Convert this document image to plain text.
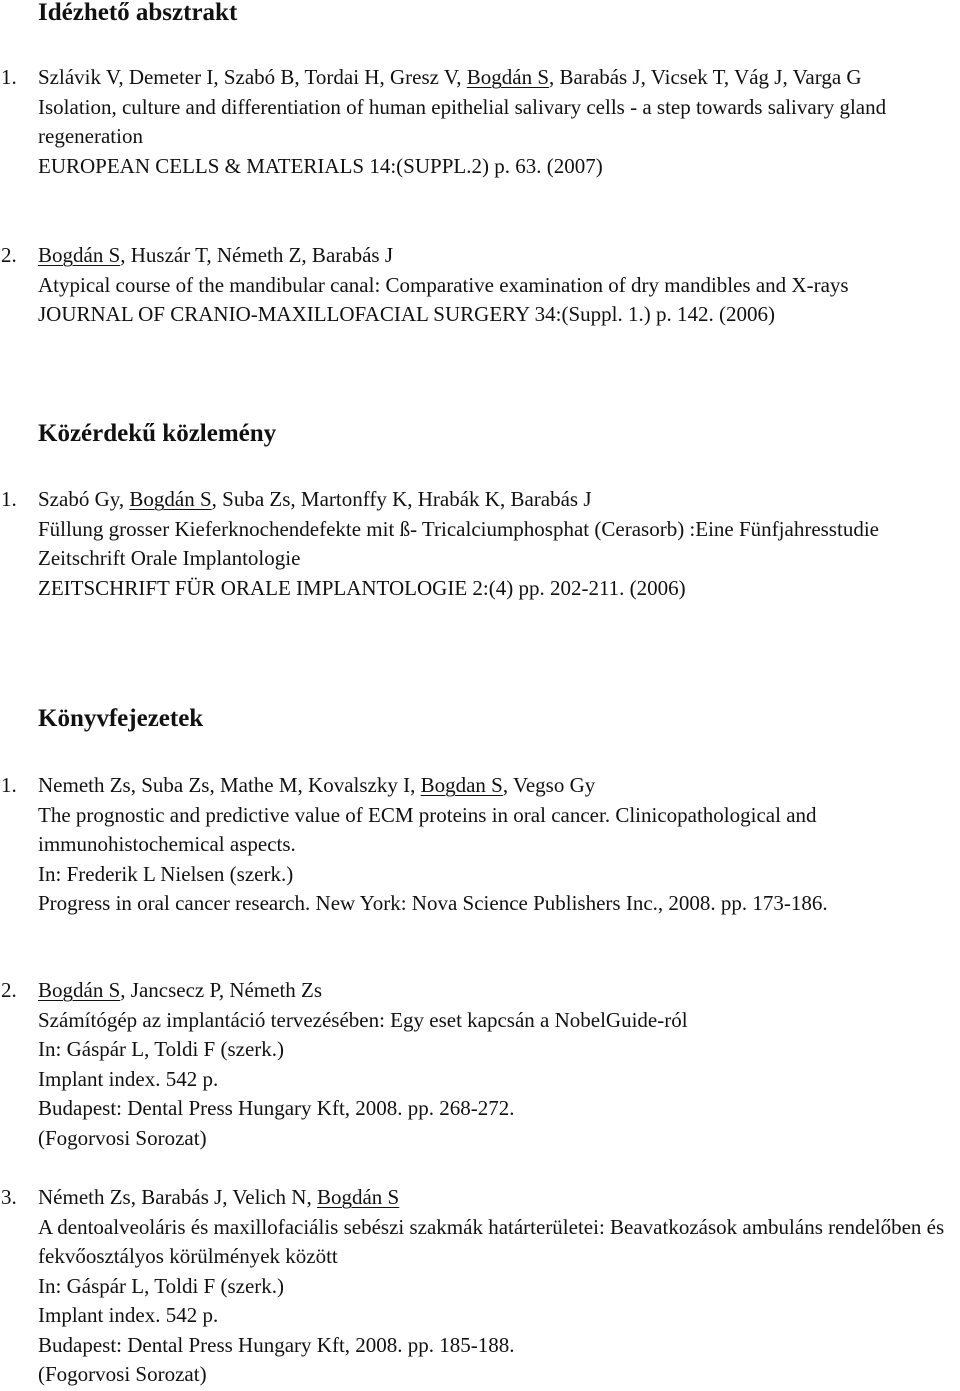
Idézhető absztrakt
1. Szlávik V, Demeter I, Szabó B, Tordai H, Gresz V, Bogdán S, Barabás J, Vicsek T, Vág J, Varga G
Isolation, culture and differentiation of human epithelial salivary cells - a step towards salivary gland regeneration
EUROPEAN CELLS & MATERIALS 14:(SUPPL.2) p. 63. (2007)
2. Bogdán S, Huszár T, Németh Z, Barabás J
Atypical course of the mandibular canal: Comparative examination of dry mandibles and X-rays
JOURNAL OF CRANIO-MAXILLOFACIAL SURGERY 34:(Suppl. 1.) p. 142. (2006)
Közérdekű közlemény
1. Szabó Gy, Bogdán S, Suba Zs, Martonffy K, Hrabák K, Barabás J
Füllung grosser Kieferknochendefekte mit ß- Tricalciumphosphat (Cerasorb) :Eine Fünfjahresstudie Zeitschrift Orale Implantologie
ZEITSCHRIFT FÜR ORALE IMPLANTOLOGIE 2:(4) pp. 202-211. (2006)
Könyvfejezetek
1. Nemeth Zs, Suba Zs, Mathe M, Kovalszky I, Bogdan S, Vegso Gy
The prognostic and predictive value of ECM proteins in oral cancer. Clinicopathological and immunohistochemical aspects.
In: Frederik L Nielsen (szerk.)
Progress in oral cancer research. New York: Nova Science Publishers Inc., 2008. pp. 173-186.
2. Bogdán S, Jancsecz P, Németh Zs
Számítógép az implantáció tervezésében: Egy eset kapcsán a NobelGuide-ról
In: Gáspár L, Toldi F (szerk.)
Implant index. 542 p.
Budapest: Dental Press Hungary Kft, 2008. pp. 268-272.
(Fogorvosi Sorozat)
3. Németh Zs, Barabás J, Velich N, Bogdán S
A dentoalveoláris és maxillofaciális sebészi szakmák határterületei: Beavatkozások ambuláns rendelőben és fekvőosztályos körülmények között
In: Gáspár L, Toldi F (szerk.)
Implant index. 542 p.
Budapest: Dental Press Hungary Kft, 2008. pp. 185-188.
(Fogorvosi Sorozat)
